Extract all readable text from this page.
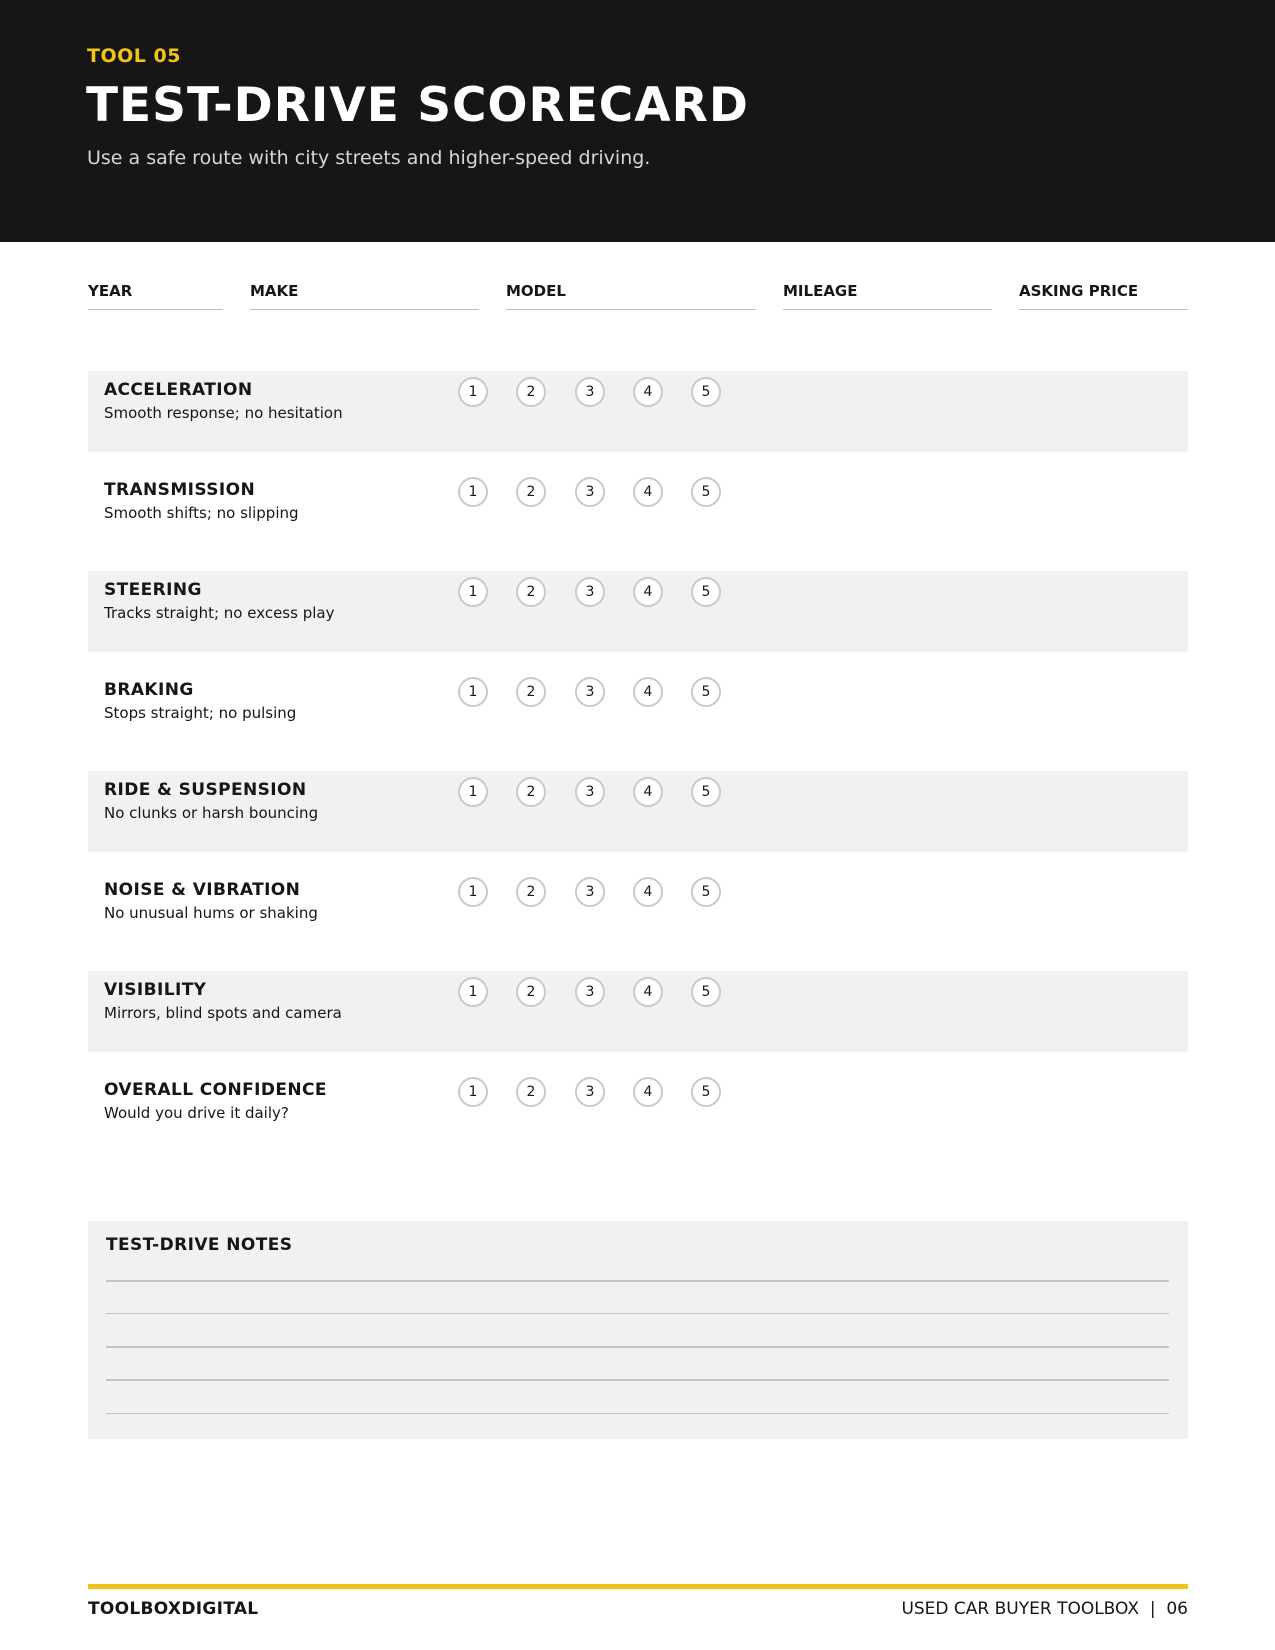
TOOL 05
TEST-DRIVE SCORECARD
Use a safe route with city streets and higher-speed driving.
YEAR	MAKE	MODEL	MILEAGE	ASKING PRICE
ACCELERATION
Smooth response; no hesitation
1	2	3	4	5
TRANSMISSION
Smooth shifts; no slipping
1	2	3	4	5
STEERING
Tracks straight; no excess play
1	2	3	4	5
BRAKING
Stops straight; no pulsing
1	2	3	4	5
RIDE & SUSPENSION
No clunks or harsh bouncing
1	2	3	4	5
NOISE & VIBRATION
No unusual hums or shaking
1	2	3	4	5
VISIBILITY
Mirrors, blind spots and camera
1	2	3	4	5
OVERALL CONFIDENCE
Would you drive it daily?
1	2	3	4	5
TEST-DRIVE NOTES
TOOLBOXDIGITAL	USED CAR BUYER TOOLBOX | 06
